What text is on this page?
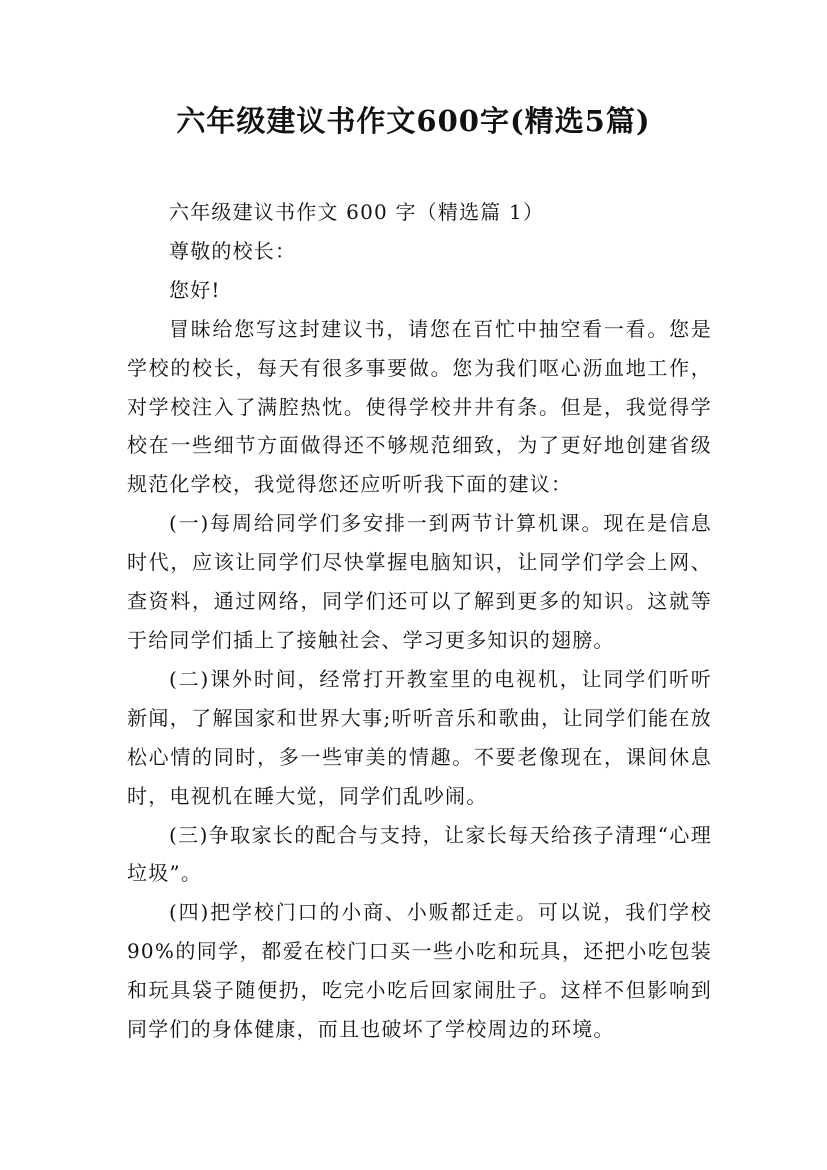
六年级建议书作文600字(精选5篇)

六年级建议书作文 600 字（精选篇 1）

尊敬的校长：

您好!

冒昧给您写这封建议书，请您在百忙中抽空看一看。您是学校的校长，每天有很多事要做。您为我们呕心沥血地工作，对学校注入了满腔热忱。使得学校井井有条。但是，我觉得学校在一些细节方面做得还不够规范细致，为了更好地创建省级规范化学校，我觉得您还应听听我下面的建议：

(一)每周给同学们多安排一到两节计算机课。现在是信息时代，应该让同学们尽快掌握电脑知识，让同学们学会上网、查资料，通过网络，同学们还可以了解到更多的知识。这就等于给同学们插上了接触社会、学习更多知识的翅膀。

(二)课外时间，经常打开教室里的电视机，让同学们听听新闻，了解国家和世界大事;听听音乐和歌曲，让同学们能在放松心情的同时，多一些审美的情趣。不要老像现在，课间休息时，电视机在睡大觉，同学们乱吵闹。

(三)争取家长的配合与支持，让家长每天给孩子清理“心理垃圾”。

(四)把学校门口的小商、小贩都迁走。可以说，我们学校 90%的同学，都爱在校门口买一些小吃和玩具，还把小吃包装和玩具袋子随便扔，吃完小吃后回家闹肚子。这样不但影响到同学们的身体健康，而且也破坏了学校周边的环境。
